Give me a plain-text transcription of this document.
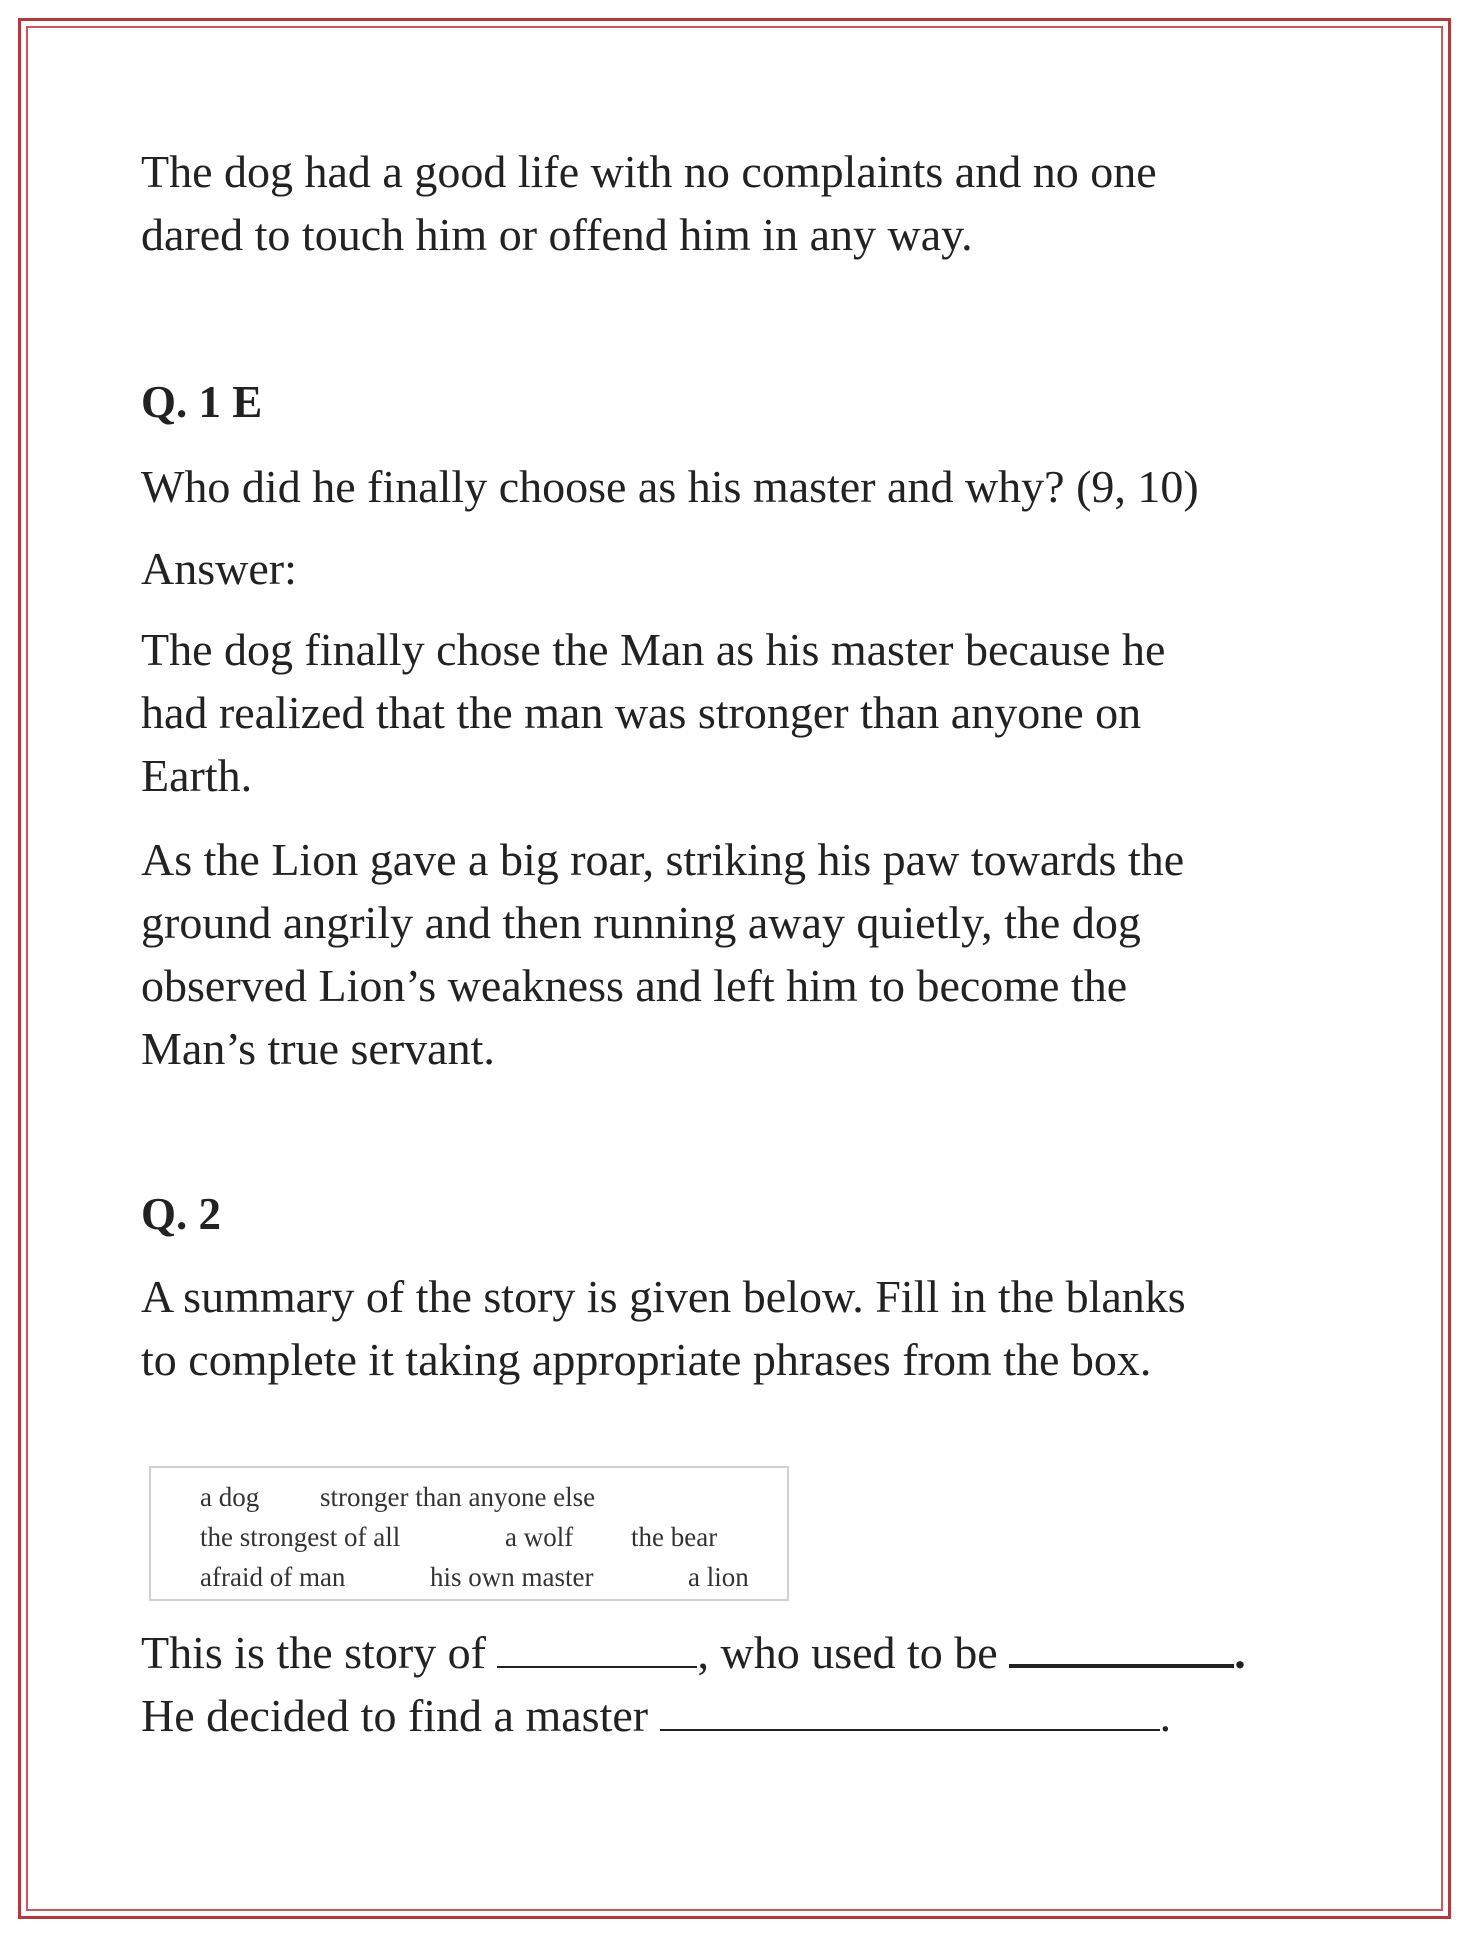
The dog had a good life with no complaints and no one

dared to touch him or offend him in any way.

Q. 1 E

Who did he finally choose as his master and why? (9, 10)

Answer:

The dog finally chose the Man as his master because he

had realized that the man was stronger than anyone on

Earth.

As the Lion gave a big roar, striking his paw towards the

ground angrily and then running away quietly, the dog

observed Lion’s weakness and left him to become the

Man’s true servant.

Q. 2

A summary of the story is given below. Fill in the blanks

to complete it taking appropriate phrases from the box.

a dog stronger than anyone else
the strongest of all	a wolf the bear
afraid of man	his own master	a lion

This is the story of	, who used to be	.

He decided to find a master	.
